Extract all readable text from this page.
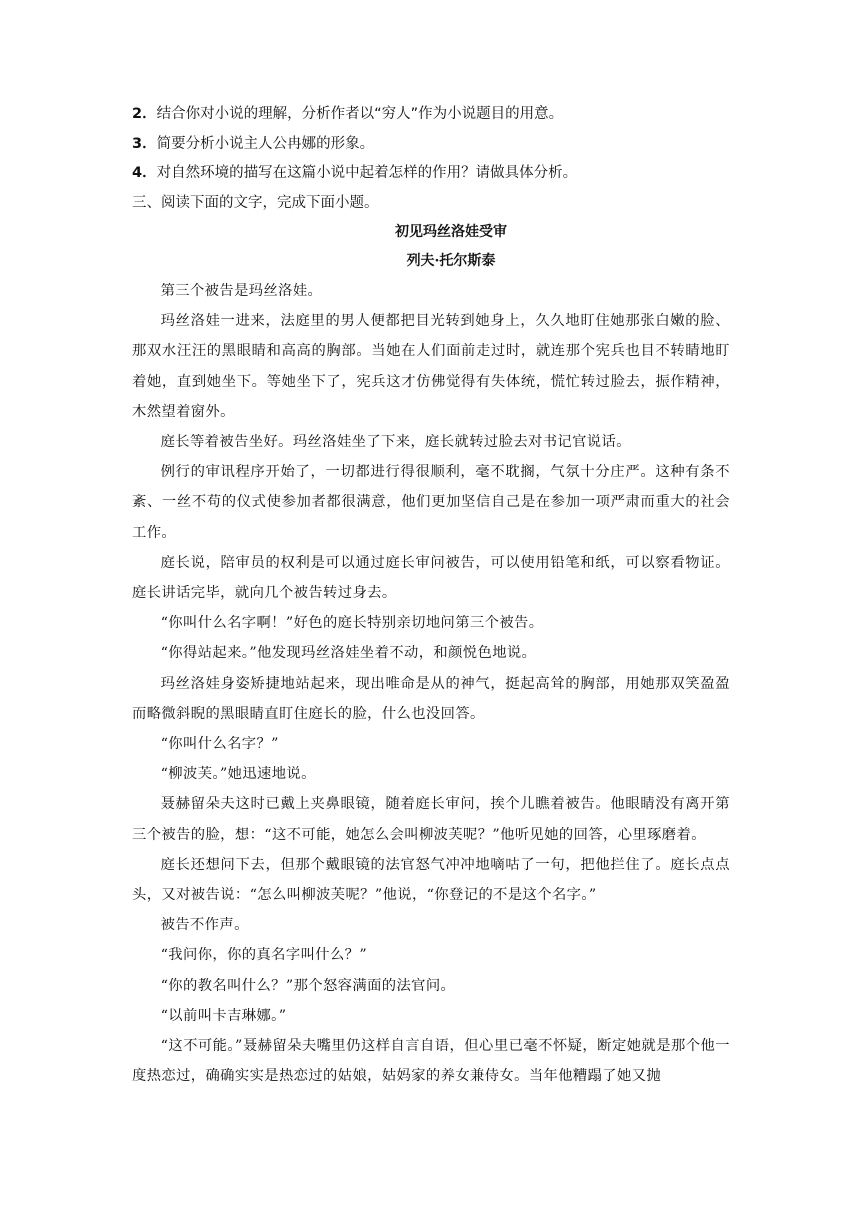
2．结合你对小说的理解，分析作者以“穷人”作为小说题目的用意。
3．简要分析小说主人公冉娜的形象。
4．对自然环境的描写在这篇小说中起着怎样的作用？请做具体分析。
三、阅读下面的文字，完成下面小题。
初见玛丝洛娃受审
列夫·托尔斯泰

第三个被告是玛丝洛娃。

玛丝洛娃一进来，法庭里的男人便都把目光转到她身上，久久地盯住她那张白嫩的脸、那双水汪汪的黑眼睛和高高的胸部。当她在人们面前走过时，就连那个宪兵也目不转睛地盯着她，直到她坐下。等她坐下了，宪兵这才仿佛觉得有失体统，慌忙转过脸去，振作精神，木然望着窗外。

庭长等着被告坐好。玛丝洛娃坐了下来，庭长就转过脸去对书记官说话。

例行的审讯程序开始了，一切都进行得很顺利，毫不耽搁，气氛十分庄严。这种有条不紊、一丝不苟的仪式使参加者都很满意，他们更加坚信自己是在参加一项严肃而重大的社会工作。

庭长说，陪审员的权利是可以通过庭长审问被告，可以使用铅笔和纸，可以察看物证。庭长讲话完毕，就向几个被告转过身去。

“你叫什么名字啊！”好色的庭长特别亲切地问第三个被告。

“你得站起来。”他发现玛丝洛娃坐着不动，和颜悦色地说。

玛丝洛娃身姿矫捷地站起来，现出唯命是从的神气，挺起高耸的胸部，用她那双笑盈盈而略微斜睨的黑眼睛直盯住庭长的脸，什么也没回答。

“你叫什么名字？”

“柳波芙。”她迅速地说。

聂赫留朵夫这时已戴上夹鼻眼镜，随着庭长审问，挨个儿瞧着被告。他眼睛没有离开第三个被告的脸，想：“这不可能，她怎么会叫柳波芙呢？”他听见她的回答，心里琢磨着。

庭长还想问下去，但那个戴眼镜的法官怒气冲冲地嘀咕了一句，把他拦住了。庭长点点头，又对被告说：“怎么叫柳波芙呢？”他说，“你登记的不是这个名字。”

被告不作声。

“我问你，你的真名字叫什么？”

“你的教名叫什么？”那个怒容满面的法官问。

“以前叫卡吉琳娜。”

“这不可能。”聂赫留朵夫嘴里仍这样自言自语，但心里已毫不怀疑，断定她就是那个他一度热恋过，确确实实是热恋过的姑娘，姑妈家的养女兼侍女。当年他糟蹋了她又抛
